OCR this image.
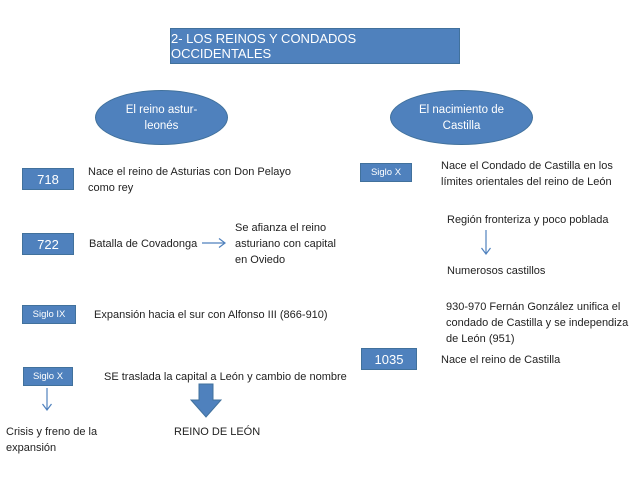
2- LOS REINOS Y CONDADOS OCCIDENTALES
El reino astur-leonés
El nacimiento de Castilla
718	Nace el reino de Asturias con Don Pelayo como rey
722	Batalla de Covadonga
Se afianza el reino asturiano con capital en Oviedo
Siglo IX	Expansión hacia el sur con Alfonso III (866-910)
Siglo X	SE traslada la capital a León y cambio de nombre
Crisis y freno de la expansión
REINO DE LEÓN
Siglo X
Nace el Condado de Castilla en los límites orientales del reino de León
Región fronteriza y poco poblada
Numerosos castillos
930-970 Fernán González unifica el condado de Castilla y se independiza de León (951)
1035	Nace el reino de Castilla
